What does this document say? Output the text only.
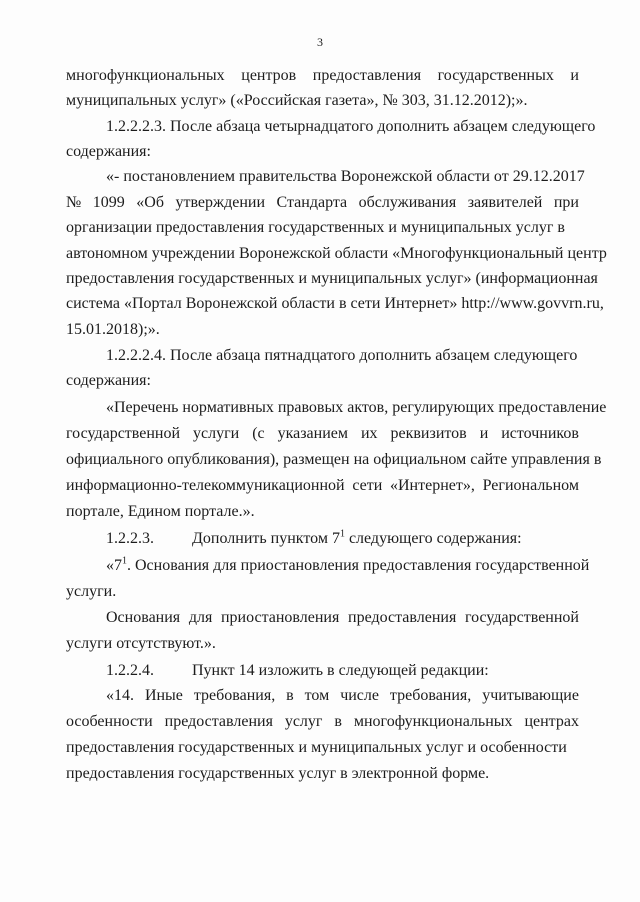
3
многофункциональных центров предоставления государственных и
муниципальных услуг» («Российская газета», № 303, 31.12.2012);».
1.2.2.2.3. После абзаца четырнадцатого дополнить абзацем следующего
содержания:
«- постановлением правительства Воронежской области от 29.12.2017
№ 1099 «Об утверждении Стандарта обслуживания заявителей при
организации предоставления государственных и муниципальных услуг в
автономном учреждении Воронежской области «Многофункциональный центр
предоставления государственных и муниципальных услуг» (информационная
система «Портал Воронежской области в сети Интернет» http://www.govvrn.ru,
15.01.2018);».
1.2.2.2.4. После абзаца пятнадцатого дополнить абзацем следующего
содержания:
«Перечень нормативных правовых актов, регулирующих предоставление
государственной услуги (с указанием их реквизитов и источников
официального опубликования), размещен на официальном сайте управления в
информационно-телекоммуникационной сети «Интернет», Региональном
портале, Едином портале.».
1.2.2.3. Дополнить пунктом $7^1$ следующего содержания:
«$7^1$. Основания для приостановления предоставления государственной
услуги.
Основания для приостановления предоставления государственной
услуги отсутствуют.».
1.2.2.4. Пункт 14 изложить в следующей редакции:
«14. Иные требования, в том числе требования, учитывающие
особенности предоставления услуг в многофункциональных центрах
предоставления государственных и муниципальных услуг и особенности
предоставления государственных услуг в электронной форме.
